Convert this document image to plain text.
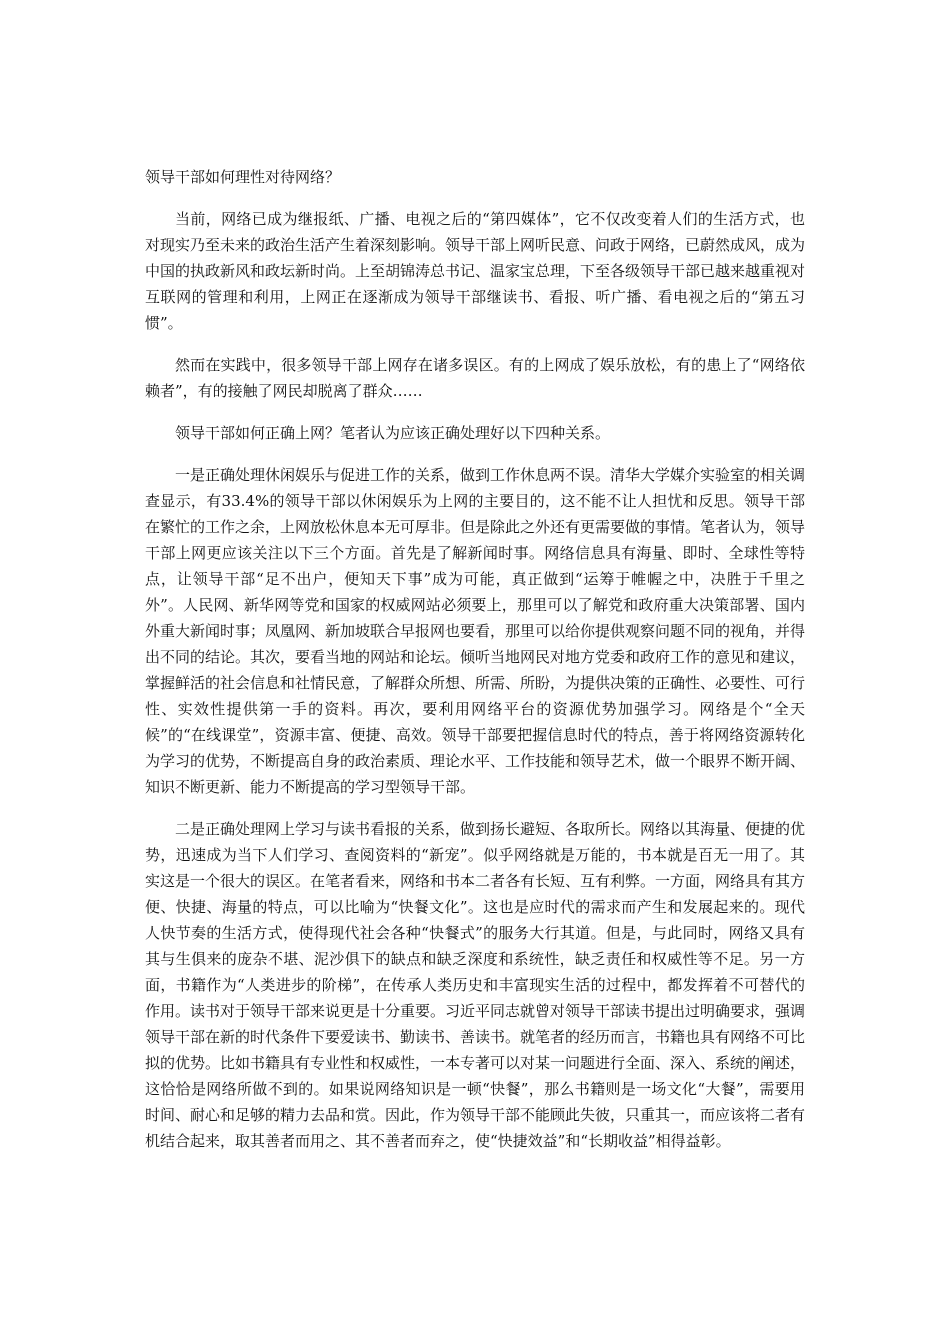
领导干部如何理性对待网络？

当前，网络已成为继报纸、广播、电视之后的“第四媒体”，它不仅改变着人们的生活方式，也对现实乃至未来的政治生活产生着深刻影响。领导干部上网听民意、问政于网络，已蔚然成风，成为中国的执政新风和政坛新时尚。上至胡锦涛总书记、温家宝总理，下至各级领导干部已越来越重视对互联网的管理和利用，上网正在逐渐成为领导干部继读书、看报、听广播、看电视之后的“第五习惯”。

然而在实践中，很多领导干部上网存在诸多误区。有的上网成了娱乐放松，有的患上了“网络依赖者”，有的接触了网民却脱离了群众……

领导干部如何正确上网？笔者认为应该正确处理好以下四种关系。

一是正确处理休闲娱乐与促进工作的关系，做到工作休息两不误。清华大学媒介实验室的相关调查显示，有33.4%的领导干部以休闲娱乐为上网的主要目的，这不能不让人担忧和反思。领导干部在繁忙的工作之余，上网放松休息本无可厚非。但是除此之外还有更需要做的事情。笔者认为，领导干部上网更应该关注以下三个方面。首先是了解新闻时事。网络信息具有海量、即时、全球性等特点，让领导干部“足不出户，便知天下事”成为可能，真正做到“运筹于帷幄之中，决胜于千里之外”。人民网、新华网等党和国家的权威网站必须要上，那里可以了解党和政府重大决策部署、国内外重大新闻时事；凤凰网、新加坡联合早报网也要看，那里可以给你提供观察问题不同的视角，并得出不同的结论。其次，要看当地的网站和论坛。倾听当地网民对地方党委和政府工作的意见和建议，掌握鲜活的社会信息和社情民意，了解群众所想、所需、所盼，为提供决策的正确性、必要性、可行性、实效性提供第一手的资料。再次，要利用网络平台的资源优势加强学习。网络是个“全天候”的“在线课堂”，资源丰富、便捷、高效。领导干部要把握信息时代的特点，善于将网络资源转化为学习的优势，不断提高自身的政治素质、理论水平、工作技能和领导艺术，做一个眼界不断开阔、知识不断更新、能力不断提高的学习型领导干部。

二是正确处理网上学习与读书看报的关系，做到扬长避短、各取所长。网络以其海量、便捷的优势，迅速成为当下人们学习、查阅资料的“新宠”。似乎网络就是万能的，书本就是百无一用了。其实这是一个很大的误区。在笔者看来，网络和书本二者各有长短、互有利弊。一方面，网络具有其方便、快捷、海量的特点，可以比喻为“快餐文化”。这也是应时代的需求而产生和发展起来的。现代人快节奏的生活方式，使得现代社会各种“快餐式”的服务大行其道。但是，与此同时，网络又具有其与生俱来的庞杂不堪、泥沙俱下的缺点和缺乏深度和系统性，缺乏责任和权威性等不足。另一方面，书籍作为“人类进步的阶梯”，在传承人类历史和丰富现实生活的过程中，都发挥着不可替代的作用。读书对于领导干部来说更是十分重要。习近平同志就曾对领导干部读书提出过明确要求，强调领导干部在新的时代条件下要爱读书、勤读书、善读书。就笔者的经历而言，书籍也具有网络不可比拟的优势。比如书籍具有专业性和权威性，一本专著可以对某一问题进行全面、深入、系统的阐述，这恰恰是网络所做不到的。如果说网络知识是一顿“快餐”，那么书籍则是一场文化“大餐”，需要用时间、耐心和足够的精力去品和赏。因此，作为领导干部不能顾此失彼，只重其一，而应该将二者有机结合起来，取其善者而用之、其不善者而弃之，使“快捷效益”和“长期收益”相得益彰。
